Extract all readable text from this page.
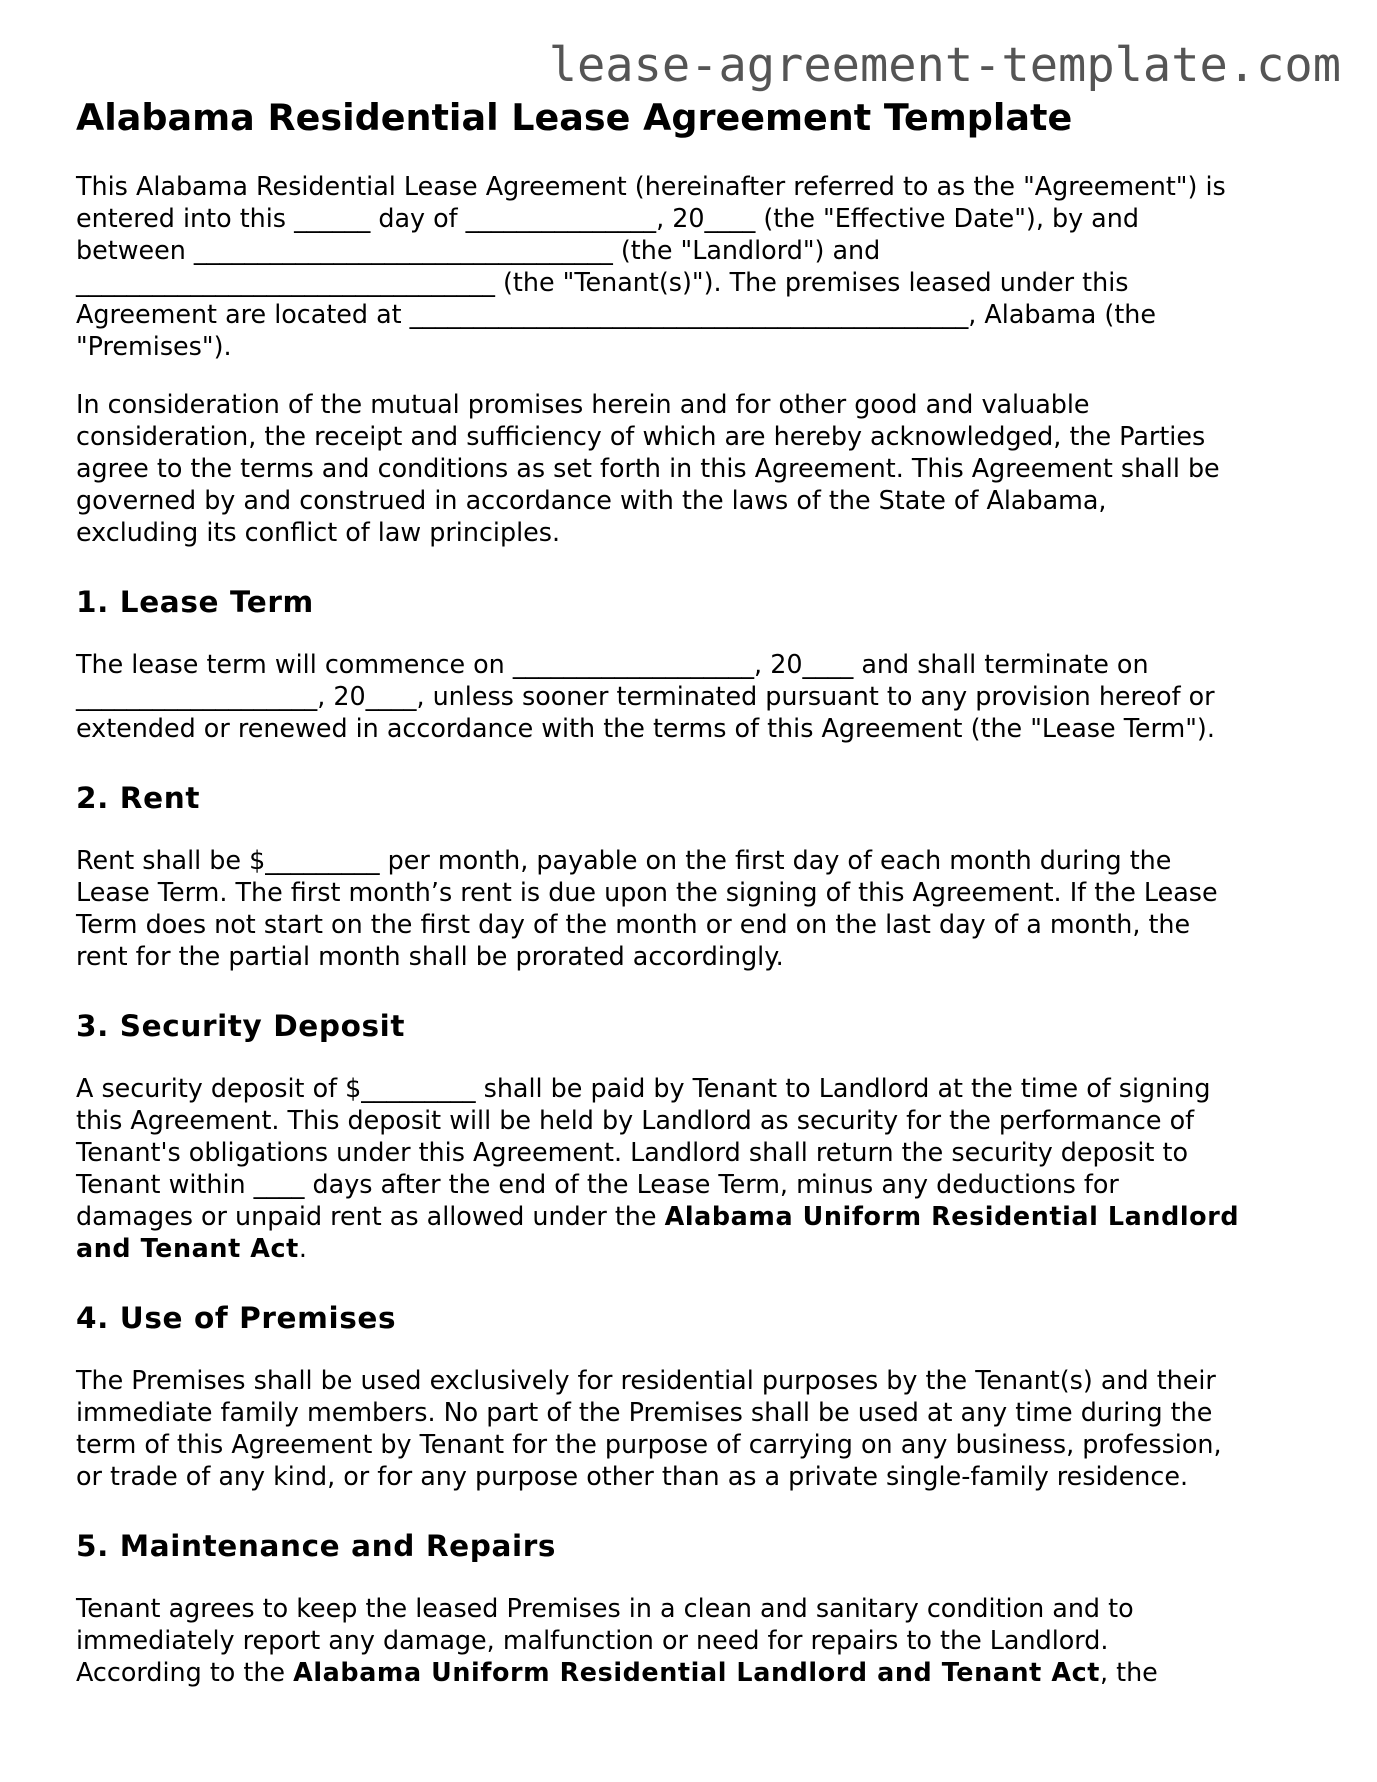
lease-agreement-template.com
Alabama Residential Lease Agreement Template

This Alabama Residential Lease Agreement (hereinafter referred to as the "Agreement") is
entered into this ______ day of _______________, 20____ (the "Effective Date"), by and
between _________________________________ (the "Landlord") and
_________________________________ (the "Tenant(s)"). The premises leased under this
Agreement are located at ____________________________________________, Alabama (the
"Premises").

In consideration of the mutual promises herein and for other good and valuable
consideration, the receipt and sufficiency of which are hereby acknowledged, the Parties
agree to the terms and conditions as set forth in this Agreement. This Agreement shall be
governed by and construed in accordance with the laws of the State of Alabama,
excluding its conflict of law principles.

1. Lease Term

The lease term will commence on ___________________, 20____ and shall terminate on
___________________, 20____, unless sooner terminated pursuant to any provision hereof or
extended or renewed in accordance with the terms of this Agreement (the "Lease Term").

2. Rent

Rent shall be $_________ per month, payable on the first day of each month during the
Lease Term. The first month’s rent is due upon the signing of this Agreement. If the Lease
Term does not start on the first day of the month or end on the last day of a month, the
rent for the partial month shall be prorated accordingly.

3. Security Deposit

A security deposit of $_________ shall be paid by Tenant to Landlord at the time of signing
this Agreement. This deposit will be held by Landlord as security for the performance of
Tenant's obligations under this Agreement. Landlord shall return the security deposit to
Tenant within ____ days after the end of the Lease Term, minus any deductions for
damages or unpaid rent as allowed under the Alabama Uniform Residential Landlord
and Tenant Act.

4. Use of Premises

The Premises shall be used exclusively for residential purposes by the Tenant(s) and their
immediate family members. No part of the Premises shall be used at any time during the
term of this Agreement by Tenant for the purpose of carrying on any business, profession,
or trade of any kind, or for any purpose other than as a private single-family residence.

5. Maintenance and Repairs

Tenant agrees to keep the leased Premises in a clean and sanitary condition and to
immediately report any damage, malfunction or need for repairs to the Landlord.
According to the Alabama Uniform Residential Landlord and Tenant Act, the
